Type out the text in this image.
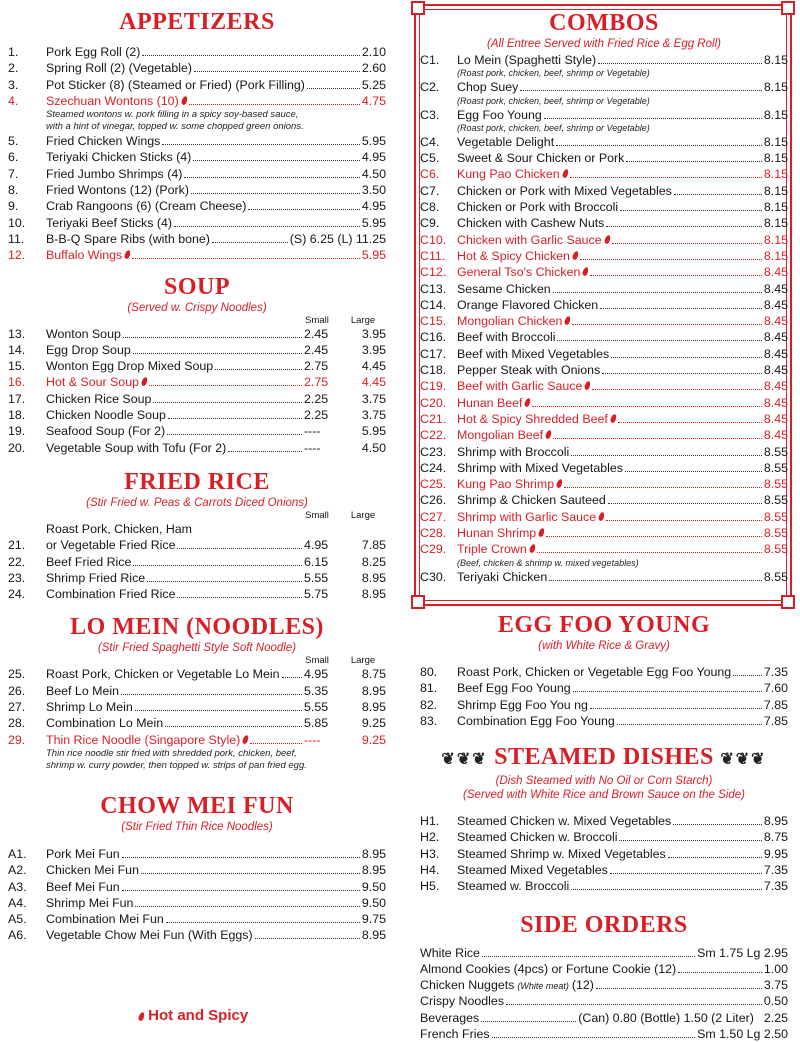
APPETIZERS
1.	Pork Egg Roll (2)	2.10
2.	Spring Roll (2) (Vegetable)	2.60
3.	Pot Sticker (8) (Steamed or Fried) (Pork Filling)	5.25
4.	Szechuan Wontons (10)	4.75
Steamed wontons w. pork filling in a spicy soy-based sauce,
with a hint of vinegar, topped w. some chopped green onions.
5.	Fried Chicken Wings	5.95
6.	Teriyaki Chicken Sticks (4)	4.95
7.	Fried Jumbo Shrimps (4)	4.50
8.	Fried Wontons (12) (Pork)	3.50
9.	Crab Rangoons (6) (Cream Cheese)	4.95
10.	Teriyaki Beef Sticks (4)	5.95
11.	B-B-Q Spare Ribs (with bone)	(S) 6.25 (L) 11.25
12.	Buffalo Wings	5.95
SOUP
(Served w. Crispy Noodles)
Small	Large
13.	Wonton Soup	2.45	3.95
14.	Egg Drop Soup	2.45	3.95
15.	Wonton Egg Drop Mixed Soup	2.75	4.45
16.	Hot & Sour Soup	2.75	4.45
17.	Chicken Rice Soup	2.25	3.75
18.	Chicken Noodle Soup	2.25	3.75
19.	Seafood Soup (For 2)	----	5.95
20.	Vegetable Soup with Tofu (For 2)	----	4.50
FRIED RICE
(Stir Fried w. Peas & Carrots Diced Onions)
Small	Large
Roast Pork, Chicken, Ham
21.	or Vegetable Fried Rice	4.95	7.85
22.	Beef Fried Rice	6.15	8.25
23.	Shrimp Fried Rice	5.55	8.95
24.	Combination Fried Rice	5.75	8.95
LO MEIN (NOODLES)
(Stir Fried Spaghetti Style Soft Noodle)
Small	Large
25.	Roast Pork, Chicken or Vegetable Lo Mein 4.95	8.75
26.	Beef Lo Mein	5.35	8.95
27.	Shrimp Lo Mein	5.55	8.95
28.	Combination Lo Mein	5.85	9.25
29.	Thin Rice Noodle (Singapore Style)	----	9.25
Thin rice noodle stir fried with shredded pork, chicken, beef,
shrimp w. curry powder, then topped w. strips of pan fried egg.
CHOW MEI FUN
(Stir Fried Thin Rice Noodles)
A1.	Pork Mei Fun	8.95
A2.	Chicken Mei Fun	8.95
A3.	Beef Mei Fun	9.50
A4.	Shrimp Mei Fun	9.50
A5.	Combination Mei Fun	9.75
A6.	Vegetable Chow Mei Fun (With Eggs)	8.95
Hot and Spicy
COMBOS
(All Entree Served with Fried Rice & Egg Roll)
C1.	Lo Mein (Spaghetti Style)	8.15
(Roast pork, chicken, beef, shrimp or Vegetable)
C2.	Chop Suey	8.15
(Roast pork, chicken, beef, shrimp or Vegetable)
C3.	Egg Foo Young	8.15
(Roast pork, chicken, beef, shrimp or Vegetable)
C4.	Vegetable Delight	8.15
C5.	Sweet & Sour Chicken or Pork	8.15
C6.	Kung Pao Chicken	8.15
C7.	Chicken or Pork with Mixed Vegetables	8.15
C8.	Chicken or Pork with Broccoli	8.15
C9.	Chicken with Cashew Nuts	8.15
C10. Chicken with Garlic Sauce	8.15
C11. Hot & Spicy Chicken	8.15
C12. General Tso's Chicken	8.45
C13. Sesame Chicken	8.45
C14. Orange Flavored Chicken	8.45
C15. Mongolian Chicken	8.45
C16. Beef with Broccoli	8.45
C17. Beef with Mixed Vegetables	8.45
C18. Pepper Steak with Onions	8.45
C19. Beef with Garlic Sauce	8.45
C20. Hunan Beef	8.45
C21. Hot & Spicy Shredded Beef	8.45
C22. Mongolian Beef	8.45
C23. Shrimp with Broccoli	8.55
C24. Shrimp with Mixed Vegetables	8.55
C25. Kung Pao Shrimp	8.55
C26. Shrimp & Chicken Sauteed	8.55
C27. Shrimp with Garlic Sauce	8.55
C28. Hunan Shrimp	8.55
C29. Triple Crown	8.55
(Beef, chicken & shrimp w. mixed vegetables)
C30. Teriyaki Chicken	8.55
EGG FOO YOUNG
(with White Rice & Gravy)
80.	Roast Pork, Chicken or Vegetable Egg Foo Young	7.35
81.	Beef Egg Foo Young	7.60
82.	Shrimp Egg Foo You ng	7.85
83.	Combination Egg Foo Young	7.85
❦❦❦ STEAMED DISHES ❦❦❦
(Dish Steamed with No Oil or Corn Starch)
(Served with White Rice and Brown Sauce on the Side)
H1.	Steamed Chicken w. Mixed Vegetables	8.95
H2.	Steamed Chicken w. Broccoli	8.75
H3.	Steamed Shrimp w. Mixed Vegetables	9.95
H4.	Steamed Mixed Vegetables	7.35
H5.	Steamed w. Broccoli	7.35
SIDE ORDERS
White Rice	Sm 1.75 Lg 2.95
Almond Cookies (4pcs) or Fortune Cookie (12)	1.00
Chicken Nuggets (White meat) (12)	3.75
Crispy Noodles	0.50
Beverages	(Can) 0.80 (Bottle) 1.50 (2 Liter) 2.25
French Fries	Sm 1.50 Lg 2.50
